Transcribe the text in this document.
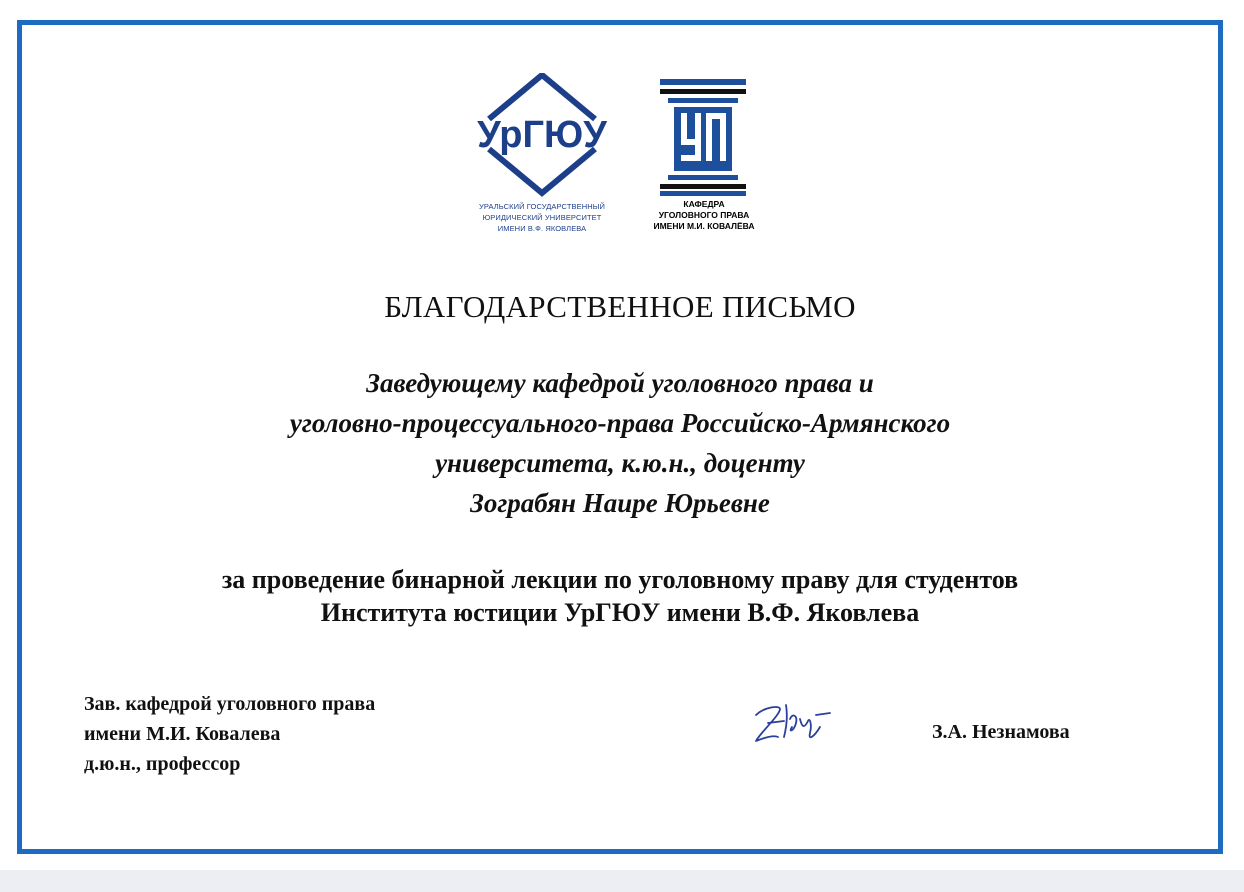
УрГЮУ
УРАЛЬСКИЙ ГОСУДАРСТВЕННЫЙ
ЮРИДИЧЕСКИЙ УНИВЕРСИТЕТ
ИМЕНИ В.Ф. ЯКОВЛЕВА
КАФЕДРА
УГОЛОВНОГО ПРАВА
ИМЕНИ М.И. КОВАЛЁВА
БЛАГОДАРСТВЕННОЕ ПИСЬМО
Заведующему кафедрой уголовного права и
уголовно-процессуального-права Российско-Армянского
университета, к.ю.н., доценту
Зограбян Наире Юрьевне
за проведение бинарной лекции по уголовному праву для студентов
Института юстиции УрГЮУ имени В.Ф. Яковлева
Зав. кафедрой уголовного права
имени М.И. Ковалева
д.ю.н., профессор
З.А. Незнамова
